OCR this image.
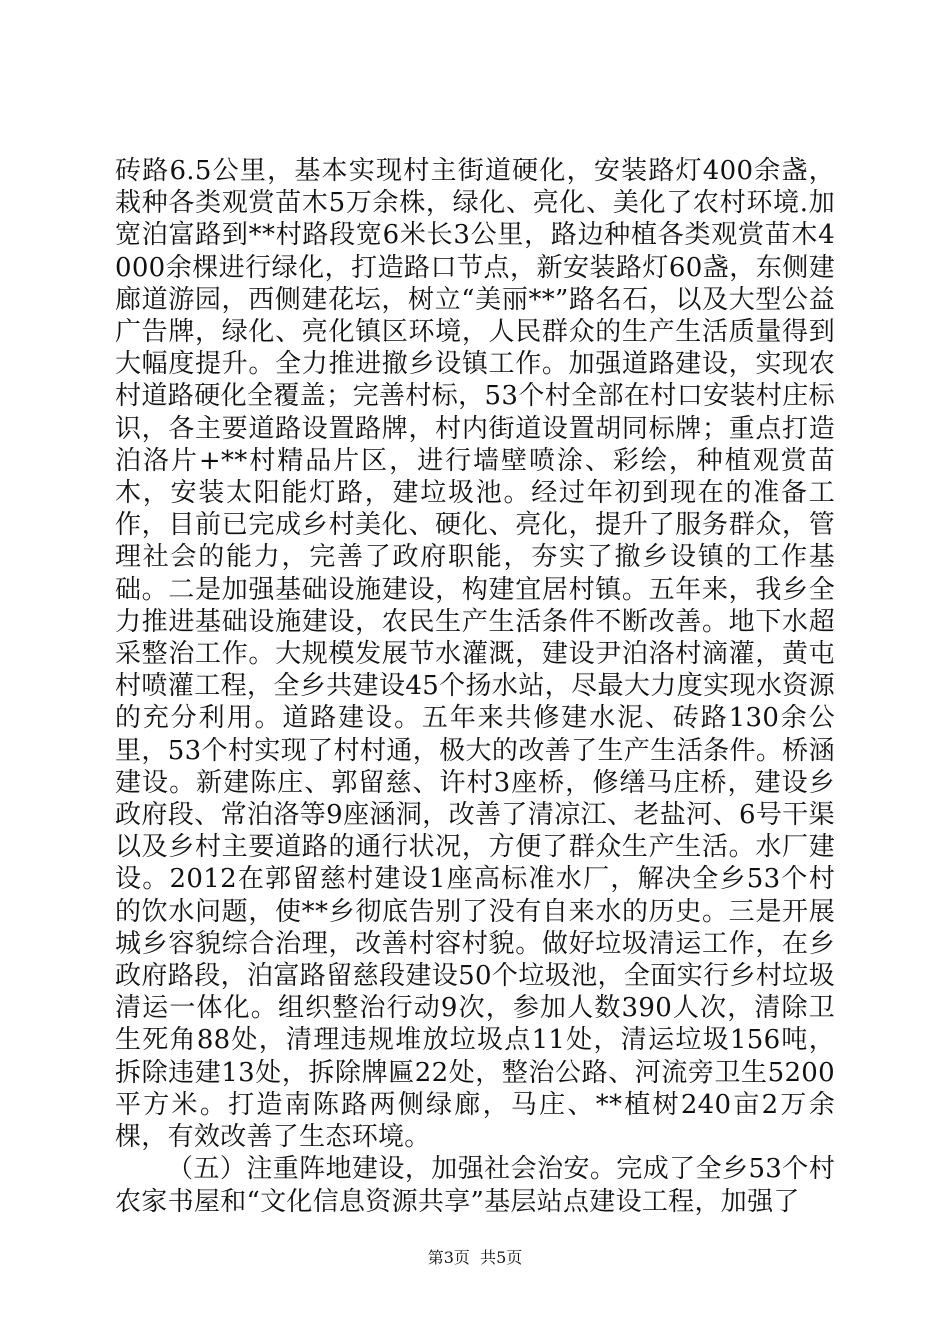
砖路6.5公里，基本实现村主街道硬化，安装路灯400余盏，栽种各类观赏苗木5万余株，绿化、亮化、美化了农村环境.加宽泊富路到**村路段宽6米长3公里，路边种植各类观赏苗木4000余棵进行绿化，打造路口节点，新安装路灯60盏，东侧建廊道游园，西侧建花坛，树立“美丽**”路名石，以及大型公益广告牌，绿化、亮化镇区环境，人民群众的生产生活质量得到大幅度提升。全力推进撤乡设镇工作。加强道路建设，实现农村道路硬化全覆盖；完善村标，53个村全部在村口安装村庄标识，各主要道路设置路牌，村内街道设置胡同标牌；重点打造泊洛片+**村精品片区，进行墙壁喷涂、彩绘，种植观赏苗木，安装太阳能灯路，建垃圾池。经过年初到现在的准备工作，目前已完成乡村美化、硬化、亮化，提升了服务群众，管理社会的能力，完善了政府职能，夯实了撤乡设镇的工作基础。二是加强基础设施建设，构建宜居村镇。五年来，我乡全力推进基础设施建设，农民生产生活条件不断改善。地下水超采整治工作。大规模发展节水灌溉，建设尹泊洛村滴灌，黄屯村喷灌工程，全乡共建设45个扬水站，尽最大力度实现水资源的充分利用。道路建设。五年来共修建水泥、砖路130余公里，53个村实现了村村通，极大的改善了生产生活条件。桥涵建设。新建陈庄、郭留慈、许村3座桥，修缮马庄桥，建设乡政府段、常泊洛等9座涵洞，改善了清凉江、老盐河、6号干渠以及乡村主要道路的通行状况，方便了群众生产生活。水厂建设。2012在郭留慈村建设1座高标准水厂，解决全乡53个村的饮水问题，使**乡彻底告别了没有自来水的历史。三是开展城乡容貌综合治理，改善村容村貌。做好垃圾清运工作，在乡政府路段，泊富路留慈段建设50个垃圾池，全面实行乡村垃圾清运一体化。组织整治行动9次，参加人数390人次，清除卫生死角88处，清理违规堆放垃圾点11处，清运垃圾156吨，拆除违建13处，拆除牌匾22处，整治公路、河流旁卫生5200平方米。打造南陈路两侧绿廊，马庄、**植树240亩2万余棵，有效改善了生态环境。

（五）注重阵地建设，加强社会治安。完成了全乡53个村农家书屋和“文化信息资源共享”基层站点建设工程，加强了

第3页 共5页
